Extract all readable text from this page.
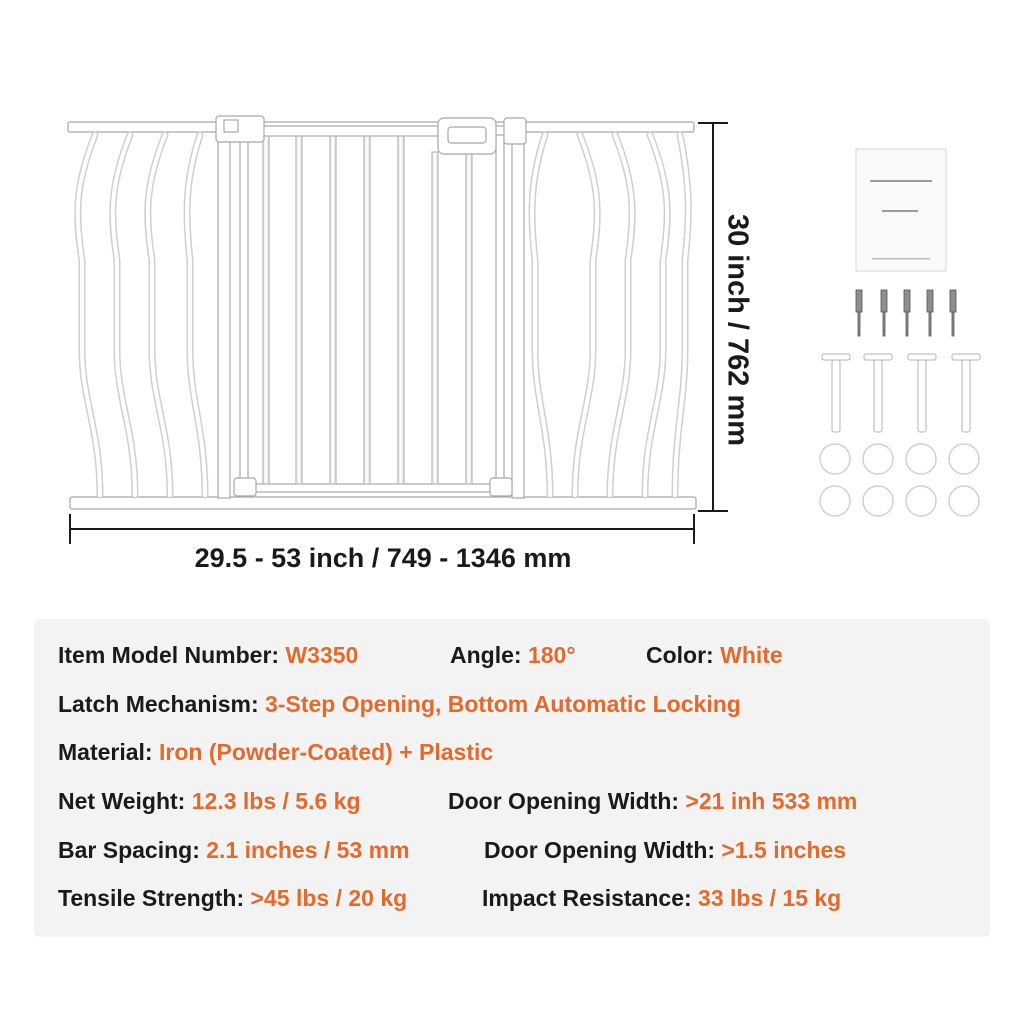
29.5 - 53 inch / 749 - 1346 mm
30 inch / 762 mm
Item Model Number: W3350	Angle: 180°	Color: White
Latch Mechanism: 3-Step Opening, Bottom Automatic Locking
Material: Iron (Powder-Coated) + Plastic
Net Weight: 12.3 lbs / 5.6 kg	Door Opening Width: >21 inh 533 mm
Bar Spacing: 2.1 inches / 53 mm	Door Opening Width: >1.5 inches
Tensile Strength: >45 lbs / 20 kg	Impact Resistance: 33 lbs / 15 kg
